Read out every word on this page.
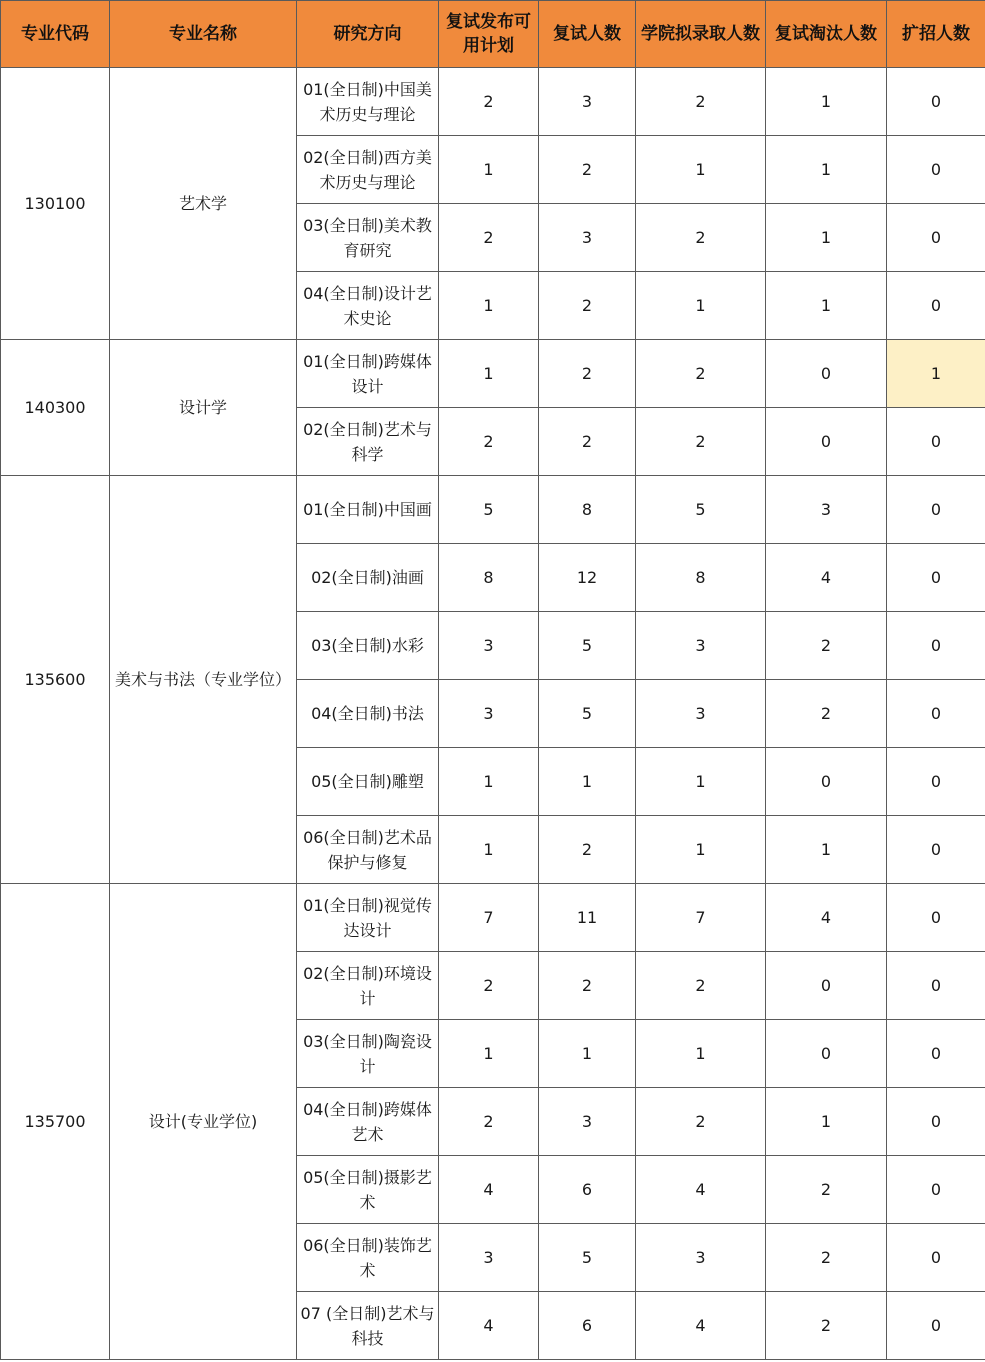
专业代码	专业名称	研究方向	复试发布可用计划	复试人数	学院拟录取人数	复试淘汰人数	扩招人数
130100	艺术学	01(全日制)中国美术历史与理论	2	3	2	1	0

		02(全日制)西方美术历史与理论	1	2	1	1	0

		03(全日制)美术教育研究	2	3	2	1	0

		04(全日制)设计艺术史论	1	2	1	1	0
140300	设计学	01(全日制)跨媒体设计	1	2	2	0	1

		02(全日制)艺术与科学	2	2	2	0	0
135600	美术与书法（专业学位）	01(全日制)中国画	5	8	5	3	0

		02(全日制)油画	8	12	8	4	0

		03(全日制)水彩	3	5	3	2	0

		04(全日制)书法	3	5	3	2	0

		05(全日制)雕塑	1	1	1	0	0

		06(全日制)艺术品保护与修复	1	2	1	1	0
135700	设计(专业学位)	01(全日制)视觉传达设计	7	11	7	4	0

		02(全日制)环境设计	2	2	2	0	0

		03(全日制)陶瓷设计	1	1	1	0	0

		04(全日制)跨媒体艺术	2	3	2	1	0

		05(全日制)摄影艺术	4	6	4	2	0

		06(全日制)装饰艺术	3	5	3	2	0

		07 (全日制)艺术与科技	4	6	4	2	0
